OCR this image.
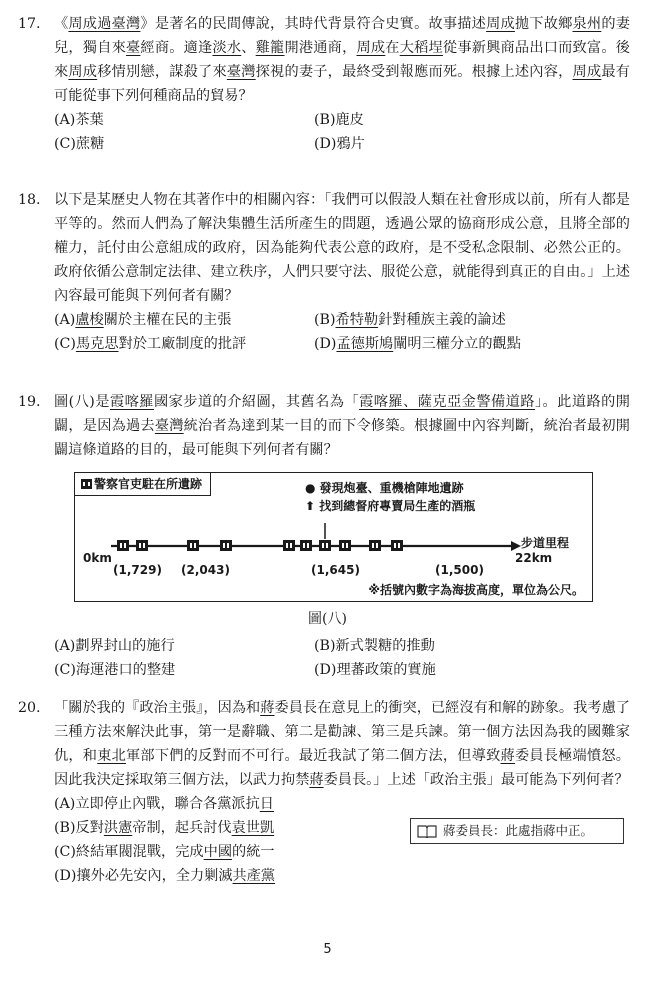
17. 《周成過臺灣》是著名的民間傳說，其時代背景符合史實。故事描述周成拋下故鄉泉州的妻兒，獨自來臺經商。適逢淡水、雞籠開港通商，周成在大稻埕從事新興商品出口而致富。後來周成移情別戀，謀殺了來臺灣探視的妻子，最終受到報應而死。根據上述內容，周成最有可能從事下列何種商品的貿易？
(A)茶葉	(B)鹿皮
(C)蔗糖	(D)鴉片
18. 以下是某歷史人物在其著作中的相關內容：「我們可以假設人類在社會形成以前，所有人都是平等的。然而人們為了解決集體生活所產生的問題，透過公眾的協商形成公意，且將全部的權力，託付由公意組成的政府，因為能夠代表公意的政府，是不受私念限制、必然公正的。政府依循公意制定法律、建立秩序，人們只要守法、服從公意，就能得到真正的自由。」上述內容最可能與下列何者有關？
(A)盧梭關於主權在民的主張	(B)希特勒針對種族主義的論述
(C)馬克思對於工廠制度的批評	(D)孟德斯鳩闡明三權分立的觀點
19. 圖(八)是霞喀羅國家步道的介紹圖，其舊名為「霞喀羅、薩克亞金警備道路」。此道路的開闢，是因為過去臺灣統治者為達到某一目的而下令修築。根據圖中內容判斷，統治者最初開闢這條道路的目的，最可能與下列何者有關？
警察官吏駐在所遺跡	● 發現炮臺、重機槍陣地遺跡
⬆ 找到總督府專賣局生產的酒瓶
0km	22km
步道里程
(1,729) (2,043)	(1,645)	(1,500)
※括號內數字為海拔高度，單位為公尺。
圖(八)
(A)劃界封山的施行	(B)新式製糖的推動
(C)海運港口的整建	(D)理蕃政策的實施
20. 「關於我的『政治主張』，因為和蔣委員長在意見上的衝突，已經沒有和解的跡象。我考慮了三種方法來解決此事，第一是辭職、第二是勸諫、第三是兵諫。第一個方法因為我的國難家仇，和東北軍部下們的反對而不可行。最近我試了第二個方法，但導致蔣委員長極端憤怒。因此我決定採取第三個方法，以武力拘禁蔣委員長。」上述「政治主張」最可能為下列何者？
(A)立即停止內戰，聯合各黨派抗日
(B)反對洪憲帝制，起兵討伐袁世凱
(C)終結軍閥混戰，完成中國的統一
(D)攘外必先安內，全力剿滅共產黨
蔣委員長：此處指蔣中正。
5
